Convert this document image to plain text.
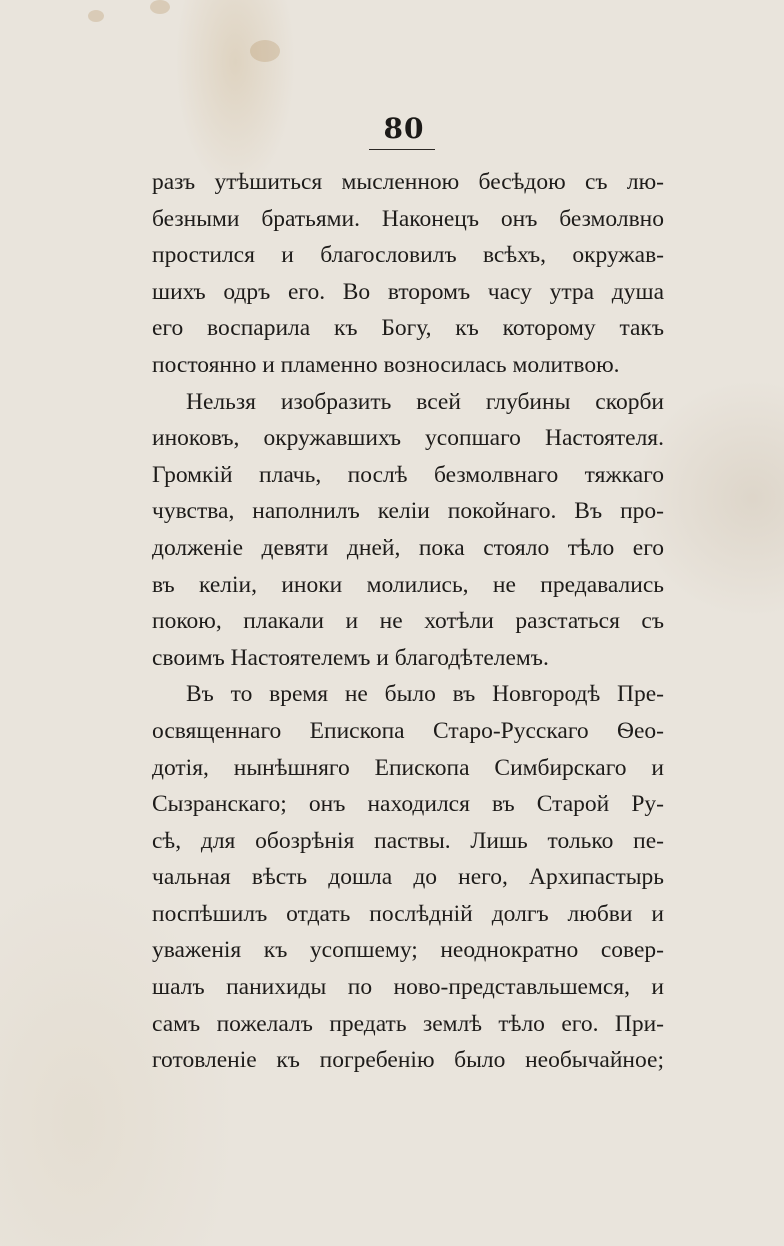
80
разъ утѣшиться мысленною бесѣдою съ лю-
безными братьями. Наконецъ онъ безмолвно
простился и благословилъ всѣхъ, окружав-
шихъ одръ его. Во второмъ часу утра душа
его воспарила къ Богу, къ которому такъ
постоянно и пламенно возносилась молитвою.
Нельзя изобразить всей глубины скорби
иноковъ, окружавшихъ усопшаго Настоятеля.
Громкій плачь, послѣ безмолвнаго тяжкаго
чувства, наполнилъ келіи покойнаго. Въ про-
долженіе девяти дней, пока стояло тѣло его
въ келіи, иноки молились, не предавались
покою, плакали и не хотѣли разстаться съ
своимъ Настоятелемъ и благодѣтелемъ.
Въ то время не было въ Новгородѣ Пре-
освященнаго Епископа Старо-Русскаго Ѳео-
дотія, нынѣшняго Епископа Симбирскаго и
Сызранскаго; онъ находился въ Старой Ру-
сѣ, для обозрѣнія паствы. Лишь только пе-
чальная вѣсть дошла до него, Архипастырь
поспѣшилъ отдать послѣдній долгъ любви и
уваженія къ усопшему; неоднократно совер-
шалъ панихиды по ново-представльшемся, и
самъ пожелалъ предать землѣ тѣло его. При-
готовленіе къ погребенію было необычайное;
